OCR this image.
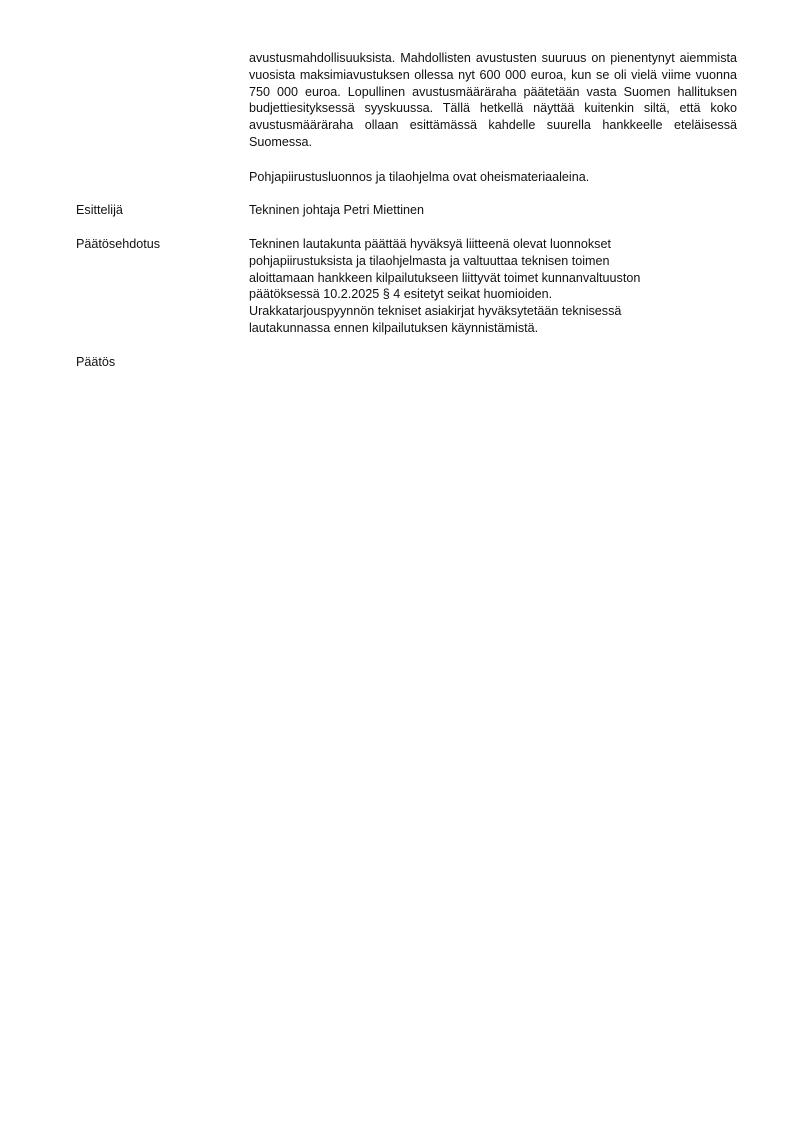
avustusmahdollisuuksista. Mahdollisten avustusten suuruus on pienentynyt aiemmista vuosista maksimiavustuksen ollessa nyt 600 000 euroa, kun se oli vielä viime vuonna 750 000 euroa. Lopullinen avustusmääräraha päätetään vasta Suomen hallituksen budjettiesityksessä syyskuussa. Tällä hetkellä näyttää kuitenkin siltä, että koko avustusmääräraha ollaan esittämässä kahdelle suurella hankkeelle eteläisessä Suomessa.
Pohjapiirustusluonnos ja tilaohjelma ovat oheismateriaaleina.
Esittelijä	Tekninen johtaja Petri Miettinen
Päätösehdotus	Tekninen lautakunta päättää hyväksyä liitteenä olevat luonnokset
pohjapiirustuksista ja tilaohjelmasta ja valtuuttaa teknisen toimen
aloittamaan hankkeen kilpailutukseen liittyvät toimet kunnanvaltuuston
päätöksessä 10.2.2025 § 4 esitetyt seikat huomioiden.
Urakkatarjouspyynnön tekniset asiakirjat hyväksytetään teknisessä
lautakunnassa ennen kilpailutuksen käynnistämistä.
Päätös
